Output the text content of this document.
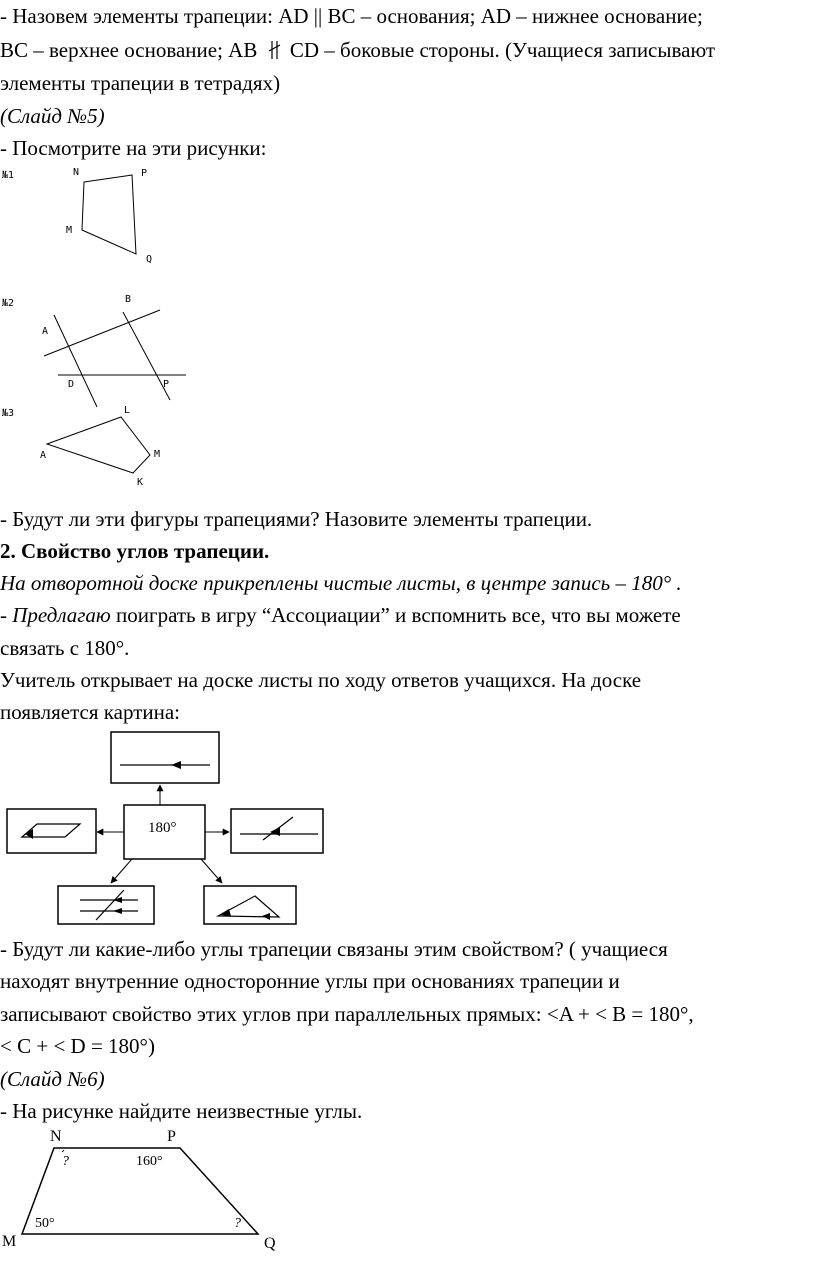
- Назовем элементы трапеции: AD || BC – основания; AD – нижнее основание;
BC – верхнее основание; AB CD – боковые стороны. (Учащиеся записывают
элементы трапеции в тетрадях)
(Слайд №5)
- Посмотрите на эти рисунки:
№1	N	P
M
Q
№2
A
B
D	P
№3	L
A	M
K
- Будут ли эти фигуры трапециями? Назовите элементы трапеции.
2. Свойство углов трапеции.
На отворотной доске прикреплены чистые листы, в центре запись – 180° .
- Предлагаю поиграть в игру “Ассоциации” и вспомнить все, что вы можете
связать с 180°.
Учитель открывает на доске листы по ходу ответов учащихся. На доске
появляется картина:
180°
- Будут ли какие-либо углы трапеции связаны этим свойством? ( учащиеся
находят внутренние односторонние углы при основаниях трапеции и
записывают свойство этих углов при параллельных прямых: <A + < B = 180°,
< C + < D = 180°)
(Слайд №6)
- На рисунке найдите неизвестные углы.
N	P
M	Q
?	160°
50°	?
